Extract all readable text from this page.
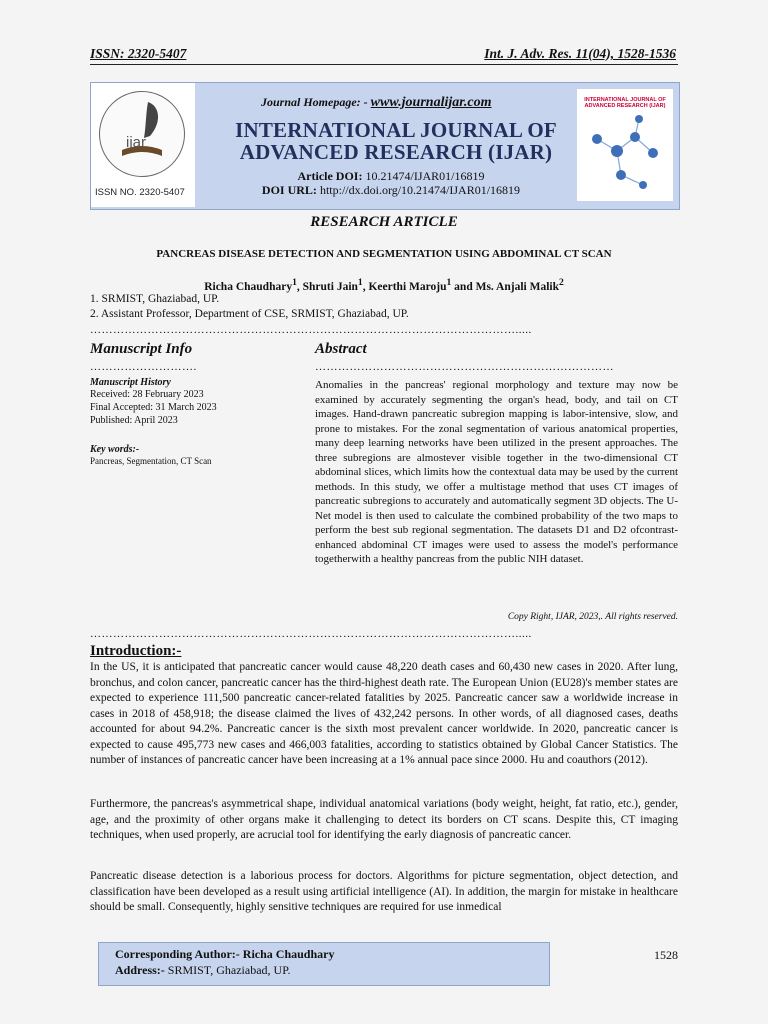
ISSN: 2320-5407	Int. J. Adv. Res. 11(04), 1528-1536
ijar
ISSN NO. 2320-5407
Journal Homepage: - www.journalijar.com
INTERNATIONAL JOURNAL OF ADVANCED RESEARCH (IJAR)
Article DOI: 10.21474/IJAR01/16819
DOI URL: http://dx.doi.org/10.21474/IJAR01/16819
INTERNATIONAL JOURNAL OF ADVANCED RESEARCH (IJAR)
RESEARCH ARTICLE
PANCREAS DISEASE DETECTION AND SEGMENTATION USING ABDOMINAL CT SCAN
Richa Chaudhary$^1$, Shruti Jain$^1$, Keerthi Maroju$^1$ and Ms. Anjali Malik$^2$
1. SRMIST, Ghaziabad, UP.
2. Assistant Professor, Department of CSE, SRMIST, Ghaziabad, UP.
………………………………………………………………………………………………….....
Manuscript Info	Abstract
……………………….	……………………………………………………………………
Manuscript History
Received: 28 February 2023
Final Accepted: 31 March 2023
Published: April 2023
Key words:-
Pancreas, Segmentation, CT Scan
Anomalies in the pancreas' regional morphology and texture may now be examined by accurately segmenting the organ's head, body, and tail on CT images. Hand-drawn pancreatic subregion mapping is labor-intensive, slow, and prone to mistakes. For the zonal segmentation of various anatomical properties, many deep learning networks have been utilized in the present approaches. The three subregions are almostever visible together in the two-dimensional CT abdominal slices, which limits how the contextual data may be used by the current methods. In this study, we offer a multistage method that uses CT images of pancreatic subregions to accurately and automatically segment 3D objects. The U-Net model is then used to calculate the combined probability of the two maps to perform the best sub regional segmentation. The datasets D1 and D2 ofcontrast-enhanced abdominal CT images were used to assess the model's performance togetherwith a healthy pancreas from the public NIH dataset.
Copy Right, IJAR, 2023,. All rights reserved.
………………………………………………………………………………………………….....
Introduction:-
In the US, it is anticipated that pancreatic cancer would cause 48,220 death cases and 60,430 new cases in 2020. After lung, bronchus, and colon cancer, pancreatic cancer has the third-highest death rate. The European Union (EU28)'s member states are expected to experience 111,500 pancreatic cancer-related fatalities by 2025. Pancreatic cancer saw a worldwide increase in cases in 2018 of 458,918; the disease claimed the lives of 432,242 persons. In other words, of all diagnosed cases, deaths accounted for about 94.2%. Pancreatic cancer is the sixth most prevalent cancer worldwide. In 2020, pancreatic cancer is expected to cause 495,773 new cases and 466,003 fatalities, according to statistics obtained by Global Cancer Statistics. The number of instances of pancreatic cancer have been increasing at a 1% annual pace since 2000. Hu and coauthors (2012).
Furthermore, the pancreas's asymmetrical shape, individual anatomical variations (body weight, height, fat ratio, etc.), gender, age, and the proximity of other organs make it challenging to detect its borders on CT scans. Despite this, CT imaging techniques, when used properly, are acrucial tool for identifying the early diagnosis of pancreatic cancer.
Pancreatic disease detection is a laborious process for doctors. Algorithms for picture segmentation, object detection, and classification have been developed as a result using artificial intelligence (AI). In addition, the margin for mistake in healthcare should be small. Consequently, highly sensitive techniques are required for use inmedical
Corresponding Author:- Richa Chaudhary
Address:- SRMIST, Ghaziabad, UP.
1528
